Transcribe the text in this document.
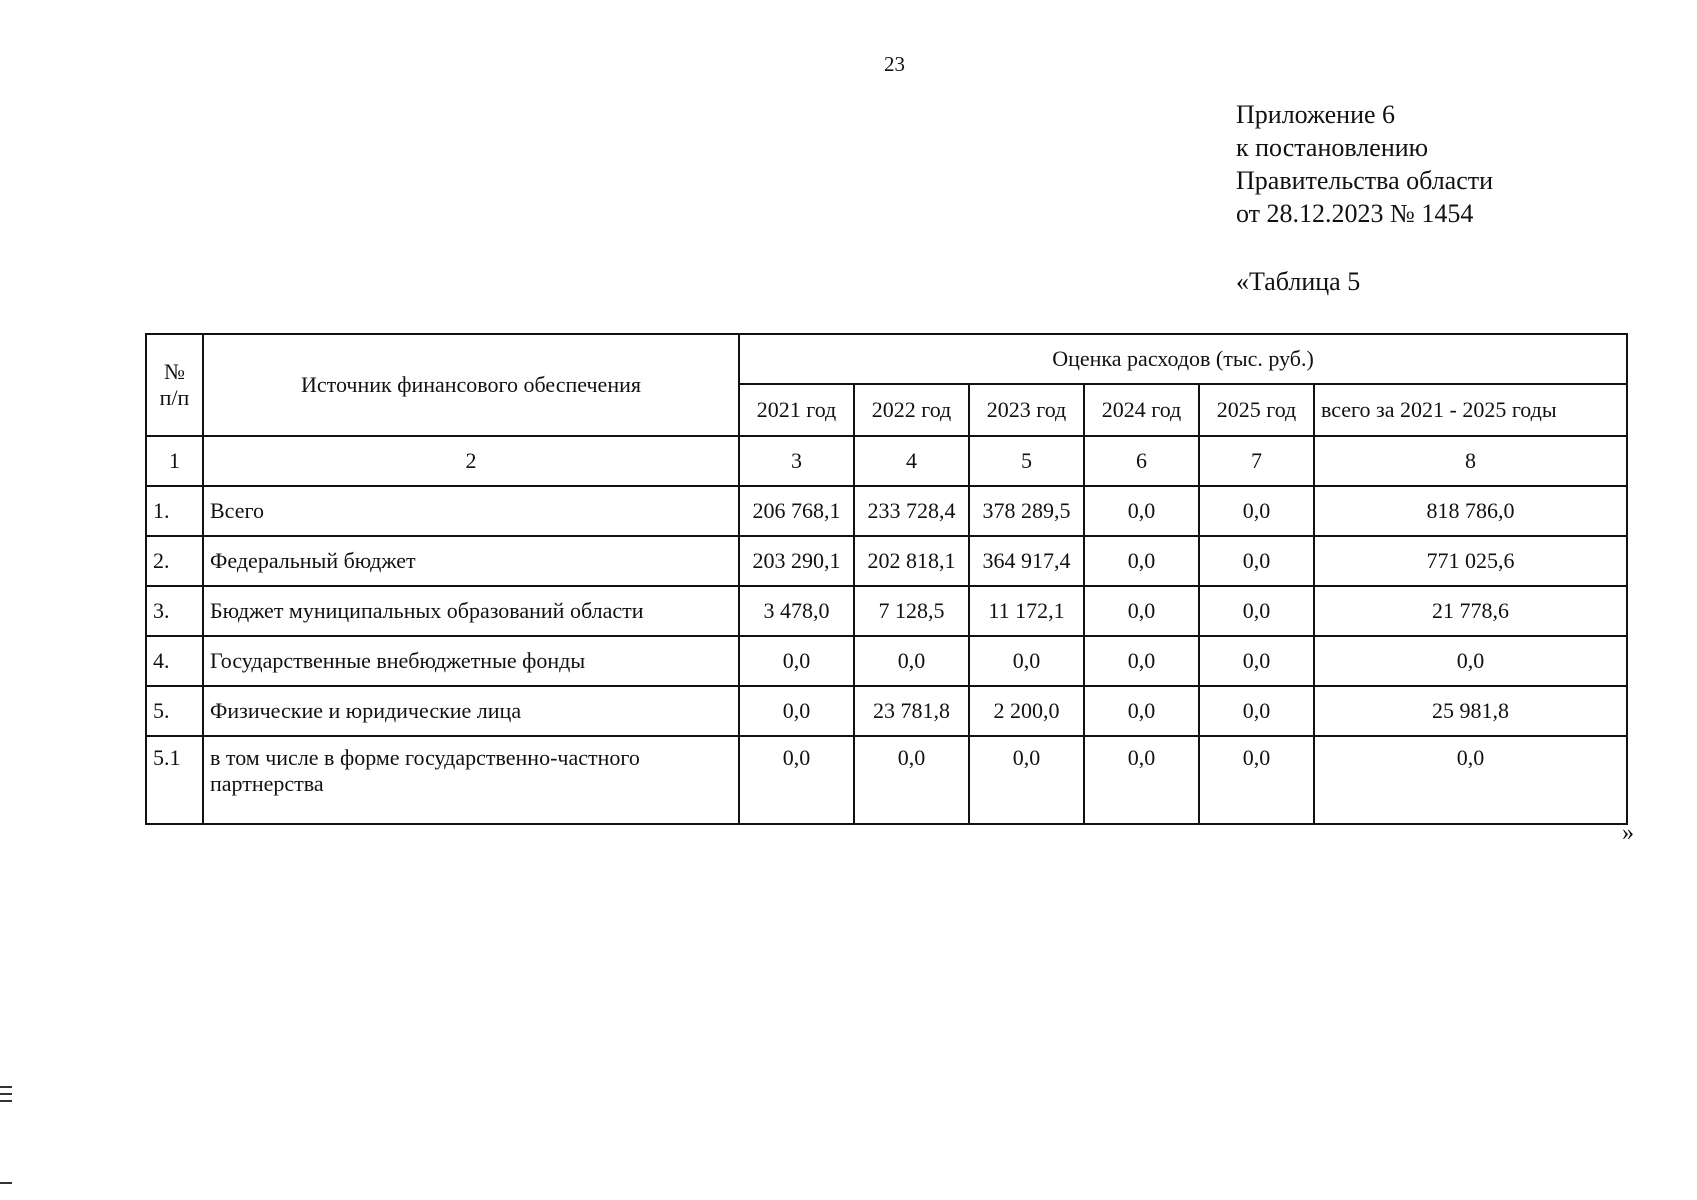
23
Приложение 6
к постановлению
Правительства области
от 28.12.2023 № 1454
«Таблица 5
№ п/п	Источник финансового обеспечения	Оценка расходов (тыс. руб.)					
		2021 год	2022 год	2023 год	2024 год	2025 год	всего за 2021 - 2025 годы
1	2	3	4	5	6	7	8
1.	Всего	206 768,1	233 728,4	378 289,5	0,0	0,0	818 786,0
2.	Федеральный бюджет	203 290,1	202 818,1	364 917,4	0,0	0,0	771 025,6
3.	Бюджет муниципальных образований области	3 478,0	7 128,5	11 172,1	0,0	0,0	21 778,6
4.	Государственные внебюджетные фонды	0,0	0,0	0,0	0,0	0,0	0,0
5.	Физические и юридические лица	0,0	23 781,8	2 200,0	0,0	0,0	25 981,8
5.1	в том числе в форме государственно-частного партнерства	0,0	0,0	0,0	0,0	0,0	0,0
»
